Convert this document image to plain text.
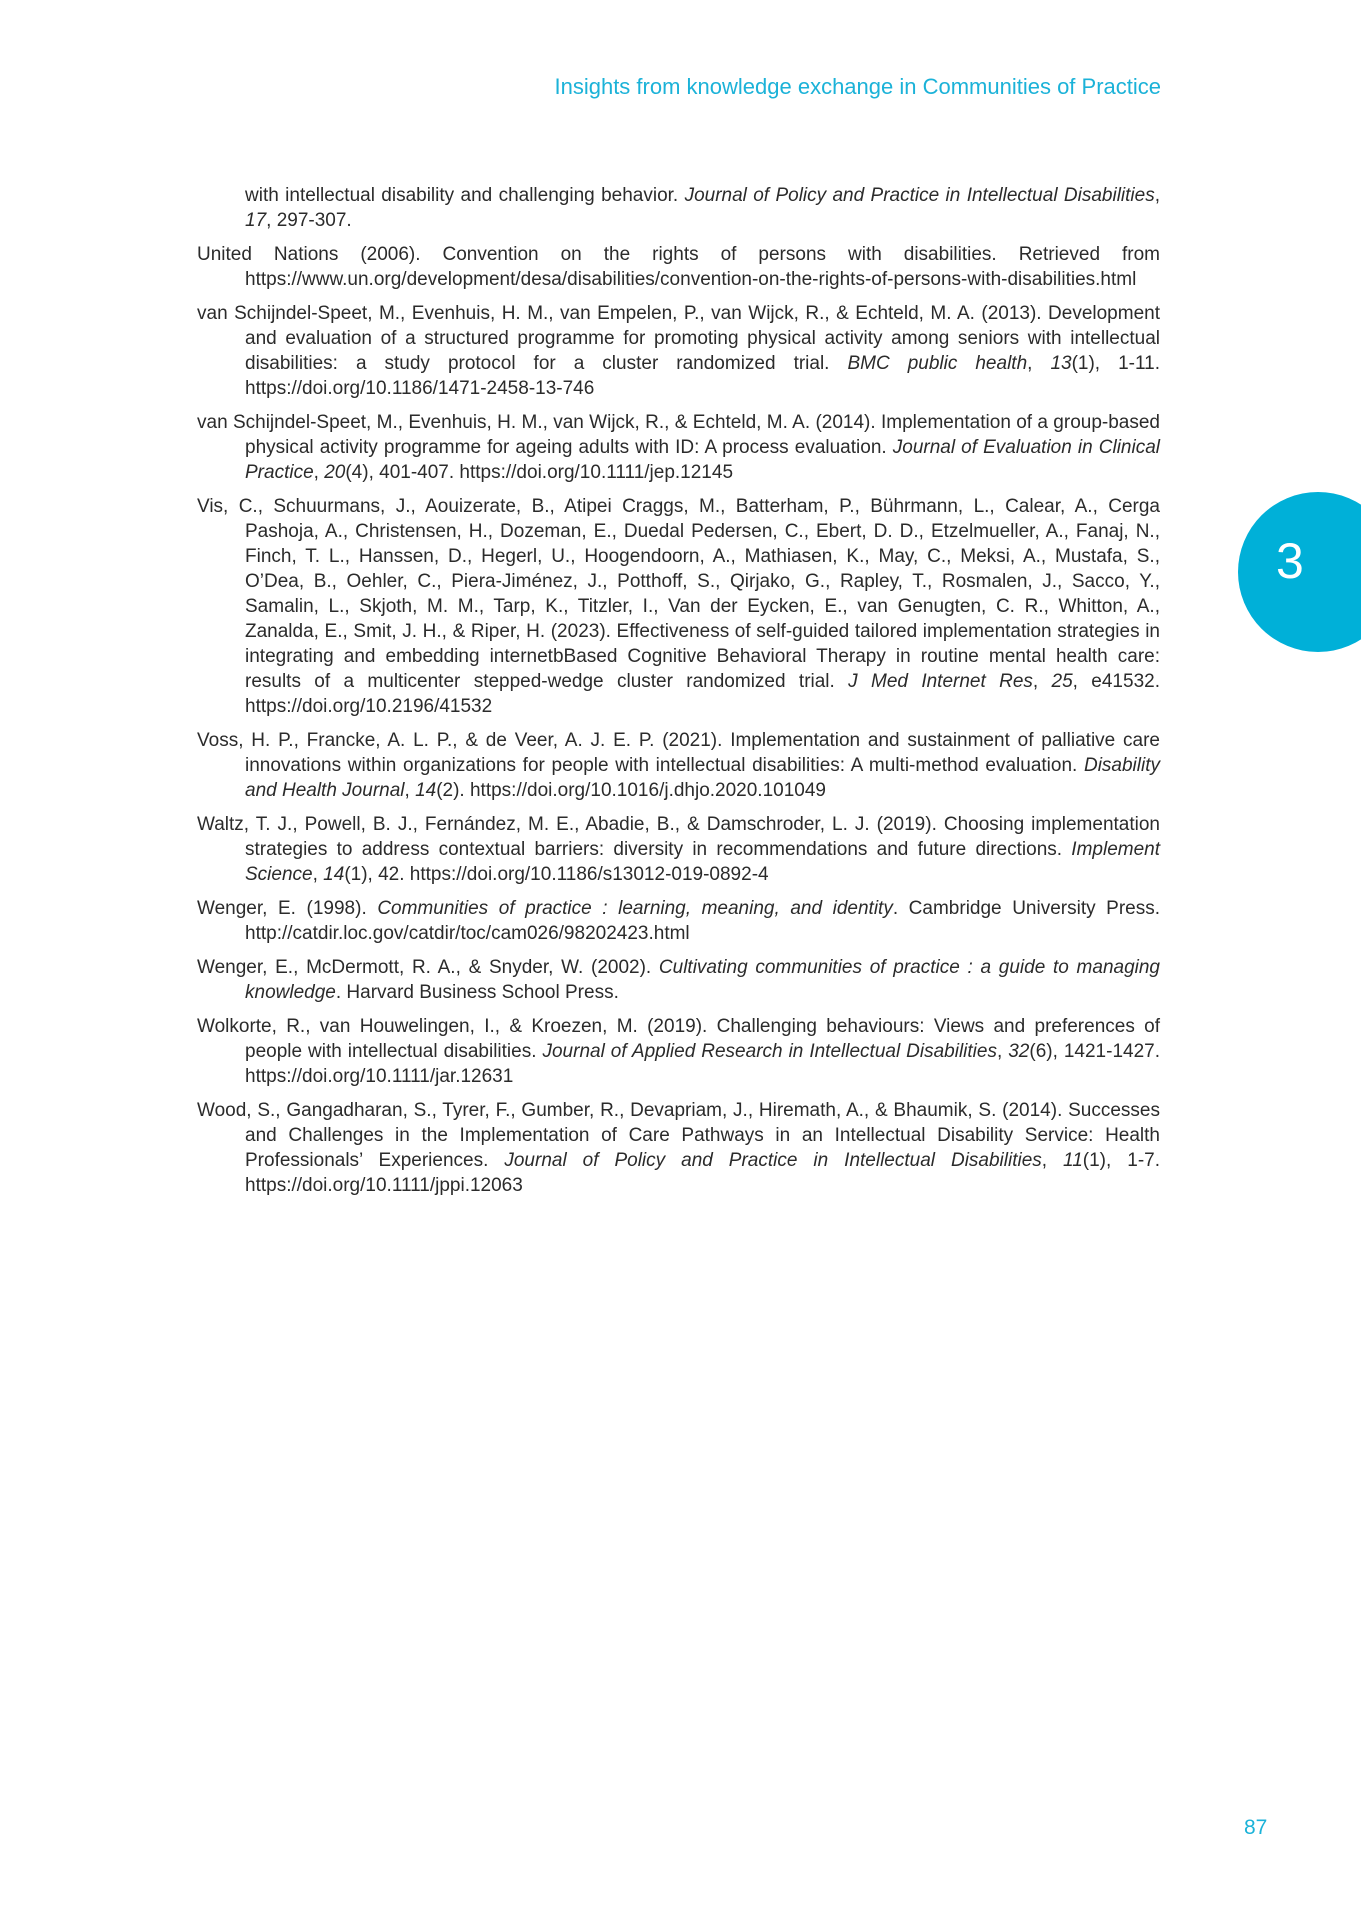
Insights from knowledge exchange in Communities of Practice
3
with intellectual disability and challenging behavior. Journal of Policy and Practice in Intellectual Disabilities, 17, 297-307.
United Nations (2006). Convention on the rights of persons with disabilities. Retrieved from https://www.un.org/development/desa/disabilities/convention-on-the-rights-of-persons-with-disabilities.html
van Schijndel-Speet, M., Evenhuis, H. M., van Empelen, P., van Wijck, R., & Echteld, M. A. (2013). Development and evaluation of a structured programme for promoting physical activity among seniors with intellectual disabilities: a study protocol for a cluster randomized trial. BMC public health, 13(1), 1-11. https://doi.org/10.1186/1471-2458-13-746
van Schijndel-Speet, M., Evenhuis, H. M., van Wijck, R., & Echteld, M. A. (2014). Implementation of a group-based physical activity programme for ageing adults with ID: A process evaluation. Journal of Evaluation in Clinical Practice, 20(4), 401-407. https://doi.org/10.1111/jep.12145
Vis, C., Schuurmans, J., Aouizerate, B., Atipei Craggs, M., Batterham, P., Bührmann, L., Calear, A., Cerga Pashoja, A., Christensen, H., Dozeman, E., Duedal Pedersen, C., Ebert, D. D., Etzelmueller, A., Fanaj, N., Finch, T. L., Hanssen, D., Hegerl, U., Hoogendoorn, A., Mathiasen, K., May, C., Meksi, A., Mustafa, S., O’Dea, B., Oehler, C., Piera-Jiménez, J., Potthoff, S., Qirjako, G., Rapley, T., Rosmalen, J., Sacco, Y., Samalin, L., Skjoth, M. M., Tarp, K., Titzler, I., Van der Eycken, E., van Genugten, C. R., Whitton, A., Zanalda, E., Smit, J. H., & Riper, H. (2023). Effectiveness of self-guided tailored implementation strategies in integrating and embedding internetbBased Cognitive Behavioral Therapy in routine mental health care: results of a multicenter stepped-wedge cluster randomized trial. J Med Internet Res, 25, e41532. https://doi.org/10.2196/41532
Voss, H. P., Francke, A. L. P., & de Veer, A. J. E. P. (2021). Implementation and sustainment of palliative care innovations within organizations for people with intellectual disabilities: A multi-method evaluation. Disability and Health Journal, 14(2). https://doi.org/10.1016/j.dhjo.2020.101049
Waltz, T. J., Powell, B. J., Fernández, M. E., Abadie, B., & Damschroder, L. J. (2019). Choosing implementation strategies to address contextual barriers: diversity in recommendations and future directions. Implement Science, 14(1), 42. https://doi.org/10.1186/s13012-019-0892-4
Wenger, E. (1998). Communities of practice : learning, meaning, and identity. Cambridge University Press. http://catdir.loc.gov/catdir/toc/cam026/98202423.html
Wenger, E., McDermott, R. A., & Snyder, W. (2002). Cultivating communities of practice : a guide to managing knowledge. Harvard Business School Press.
Wolkorte, R., van Houwelingen, I., & Kroezen, M. (2019). Challenging behaviours: Views and preferences of people with intellectual disabilities. Journal of Applied Research in Intellectual Disabilities, 32(6), 1421-1427. https://doi.org/10.1111/jar.12631
Wood, S., Gangadharan, S., Tyrer, F., Gumber, R., Devapriam, J., Hiremath, A., & Bhaumik, S. (2014). Successes and Challenges in the Implementation of Care Pathways in an Intellectual Disability Service: Health Professionals’ Experiences. Journal of Policy and Practice in Intellectual Disabilities, 11(1), 1-7. https://doi.org/10.1111/jppi.12063
87
